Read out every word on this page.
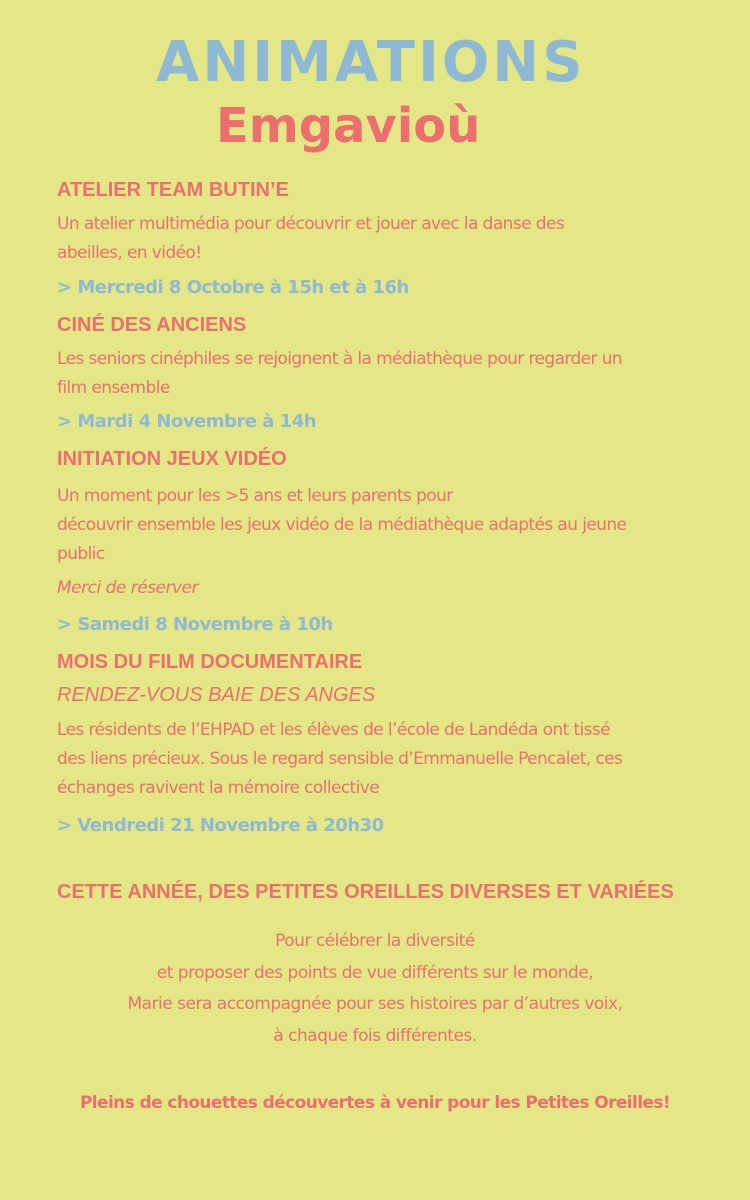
ANIMATIONS
Emgavioù
ATELIER TEAM BUTIN’E
Un atelier multimédia pour découvrir et jouer avec la danse des
abeilles, en vidéo!
> Mercredi 8 Octobre à 15h et à 16h
CINÉ DES ANCIENS
Les seniors cinéphiles se rejoignent à la médiathèque pour regarder un
film ensemble
> Mardi 4 Novembre à 14h
INITIATION JEUX VIDÉO
Un moment pour les >5 ans et leurs parents pour
découvrir ensemble les jeux vidéo de la médiathèque adaptés au jeune
public
Merci de réserver
> Samedi 8 Novembre à 10h
MOIS DU FILM DOCUMENTAIRE
RENDEZ-VOUS BAIE DES ANGES
Les résidents de l’EHPAD et les élèves de l’école de Landéda ont tissé
des liens précieux. Sous le regard sensible d’Emmanuelle Pencalet, ces
échanges ravivent la mémoire collective
> Vendredi 21 Novembre à 20h30
CETTE ANNÉE, DES PETITES OREILLES DIVERSES ET VARIÉES
Pour célébrer la diversité
et proposer des points de vue différents sur le monde,
Marie sera accompagnée pour ses histoires par d’autres voix,
à chaque fois différentes.
Pleins de chouettes découvertes à venir pour les Petites Oreilles!
